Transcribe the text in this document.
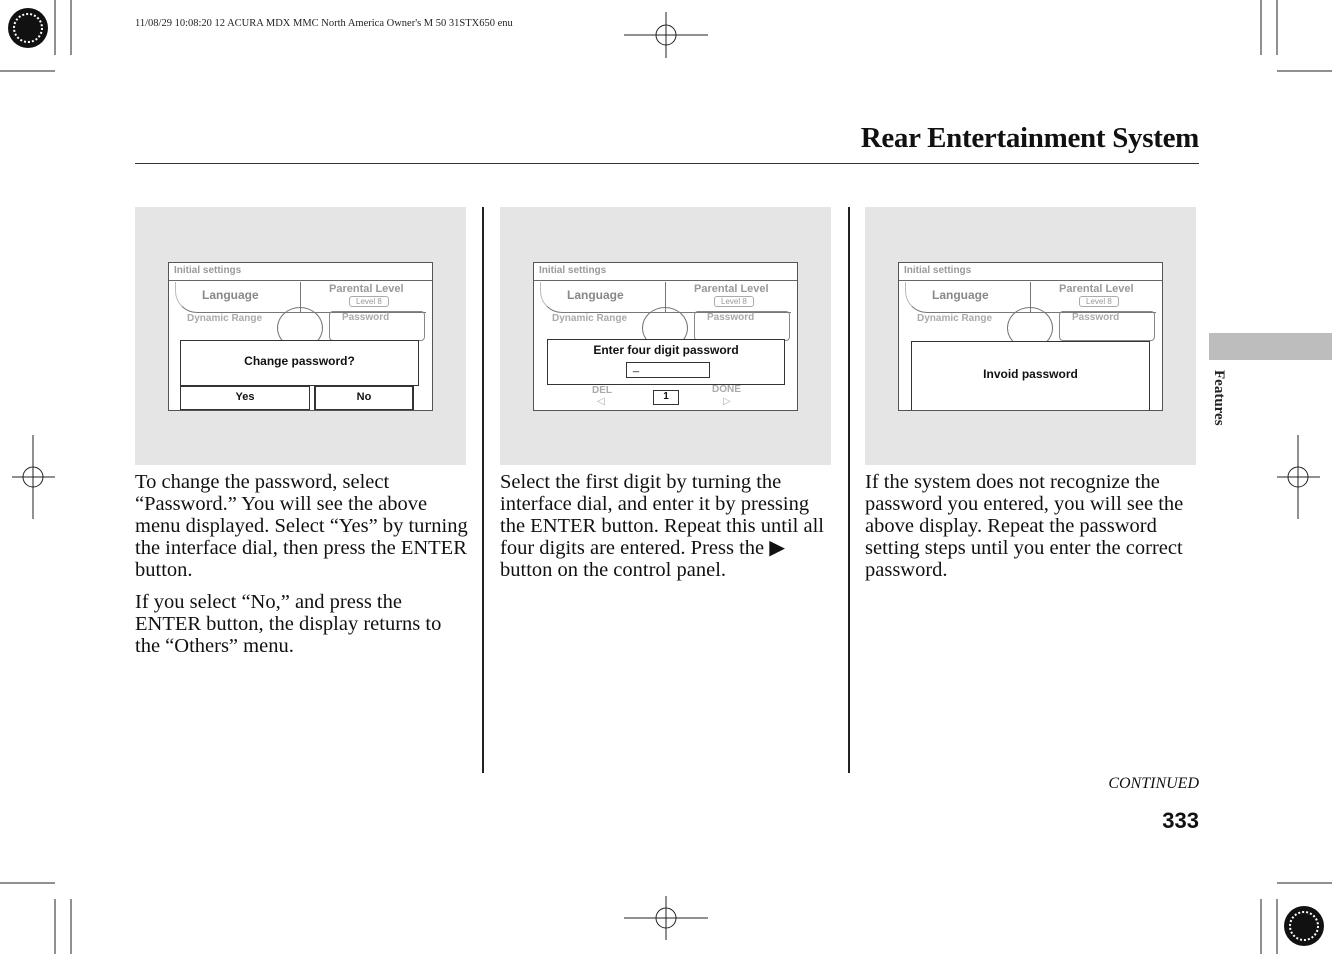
11/08/29 10:08:20 12 ACURA MDX MMC North America Owner's M 50 31STX650 enu
Rear Entertainment System
Initial settings
Language	Parental Level
Level 8
Dynamic Range	Password
Change password?
Yes	No
Initial settings
Language	Parental Level
Level 8
Dynamic Range	Password
Enter four digit password
_
DEL
◁	1
DONE
▷
Initial settings
Language	Parental Level
Level 8
Dynamic Range	Password
Invoid password
To change the password, select “Password.” You will see the above menu displayed. Select “Yes” by turning the interface dial, then press the ENTER button.
If you select “No,” and press the ENTER button, the display returns to the “Others” menu.
Select the first digit by turning the interface dial, and enter it by pressing the ENTER button. Repeat this until all four digits are entered. Press the ▶ button on the control panel.
If the system does not recognize the password you entered, you will see the above display. Repeat the password setting steps until you enter the correct password.
Features
CONTINUED
333
